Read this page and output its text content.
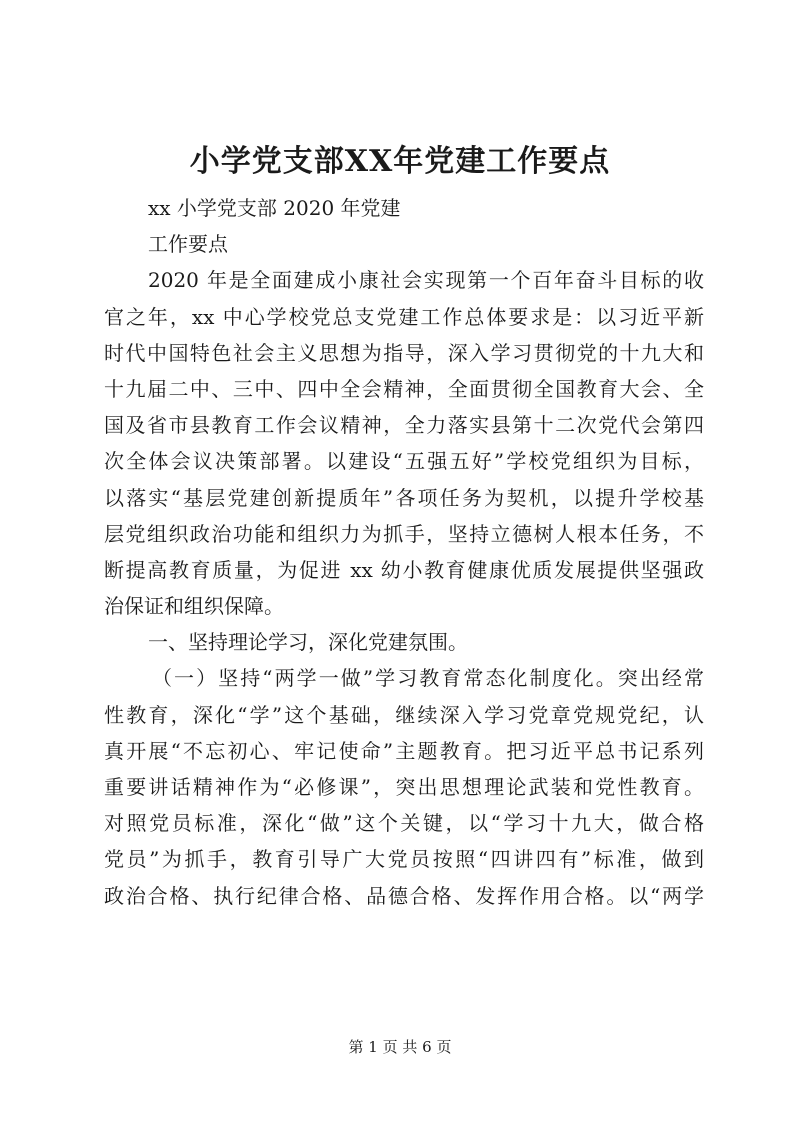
小学党支部XX年党建工作要点
xx 小学党支部 2020 年党建
工作要点
2020 年是全面建成小康社会实现第一个百年奋斗目标的收
官之年，xx 中心学校党总支党建工作总体要求是：以习近平新
时代中国特色社会主义思想为指导，深入学习贯彻党的十九大和
十九届二中、三中、四中全会精神，全面贯彻全国教育大会、全
国及省市县教育工作会议精神，全力落实县第十二次党代会第四
次全体会议决策部署。以建设“五强五好”学校党组织为目标，
以落实“基层党建创新提质年”各项任务为契机，以提升学校基
层党组织政治功能和组织力为抓手，坚持立德树人根本任务，不
断提高教育质量，为促进 xx 幼小教育健康优质发展提供坚强政
治保证和组织保障。
一、坚持理论学习，深化党建氛围。
（一）坚持“两学一做”学习教育常态化制度化。突出经常
性教育，深化“学”这个基础，继续深入学习党章党规党纪，认
真开展“不忘初心、牢记使命”主题教育。把习近平总书记系列
重要讲话精神作为“必修课”，突出思想理论武装和党性教育。
对照党员标准，深化“做”这个关键，以“学习十九大，做合格
党员”为抓手，教育引导广大党员按照“四讲四有”标准，做到
政治合格、执行纪律合格、品德合格、发挥作用合格。以“两学
第 1 页 共 6 页
